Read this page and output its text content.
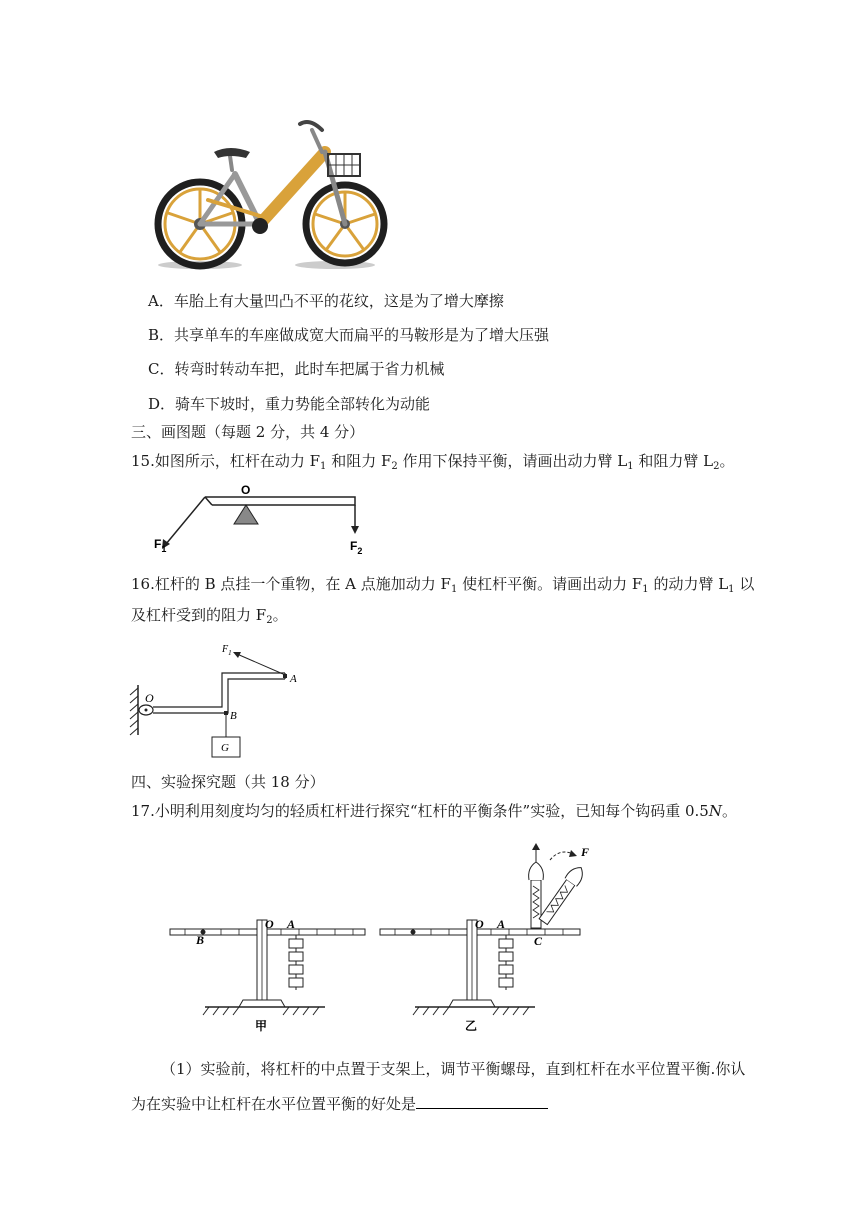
A．车胎上有大量凹凸不平的花纹，这是为了增大摩擦
B．共享单车的车座做成宽大而扁平的马鞍形是为了增大压强
C．转弯时转动车把，此时车把属于省力机械
D．骑车下坡时，重力势能全部转化为动能
三、画图题（每题 2 分，共 4 分）
15.如图所示，杠杆在动力 $F_1$ 和阻力 $F_2$ 作用下保持平衡，请画出动力臂 $L_1$ 和阻力臂 $L_2$。
O
$F_1$	$F_2$
16.杠杆的 B 点挂一个重物，在 A 点施加动力 $F_1$ 使杠杆平衡。请画出动力 $F_1$ 的动力臂 $L_1$ 以
及杠杆受到的阻力 $F_2$。
$F_1$
A
O
B
G
四、实验探究题（共 18 分）
17.小明利用刻度均匀的轻质杠杆进行探究“杠杆的平衡条件”实验，已知每个钩码重 0.5N。
B
O A
甲
O A
C
F
乙
（1）实验前，将杠杆的中点置于支架上，调节平衡螺母，直到杠杆在水平位置平衡.你认
为在实验中让杠杆在水平位置平衡的好处是
